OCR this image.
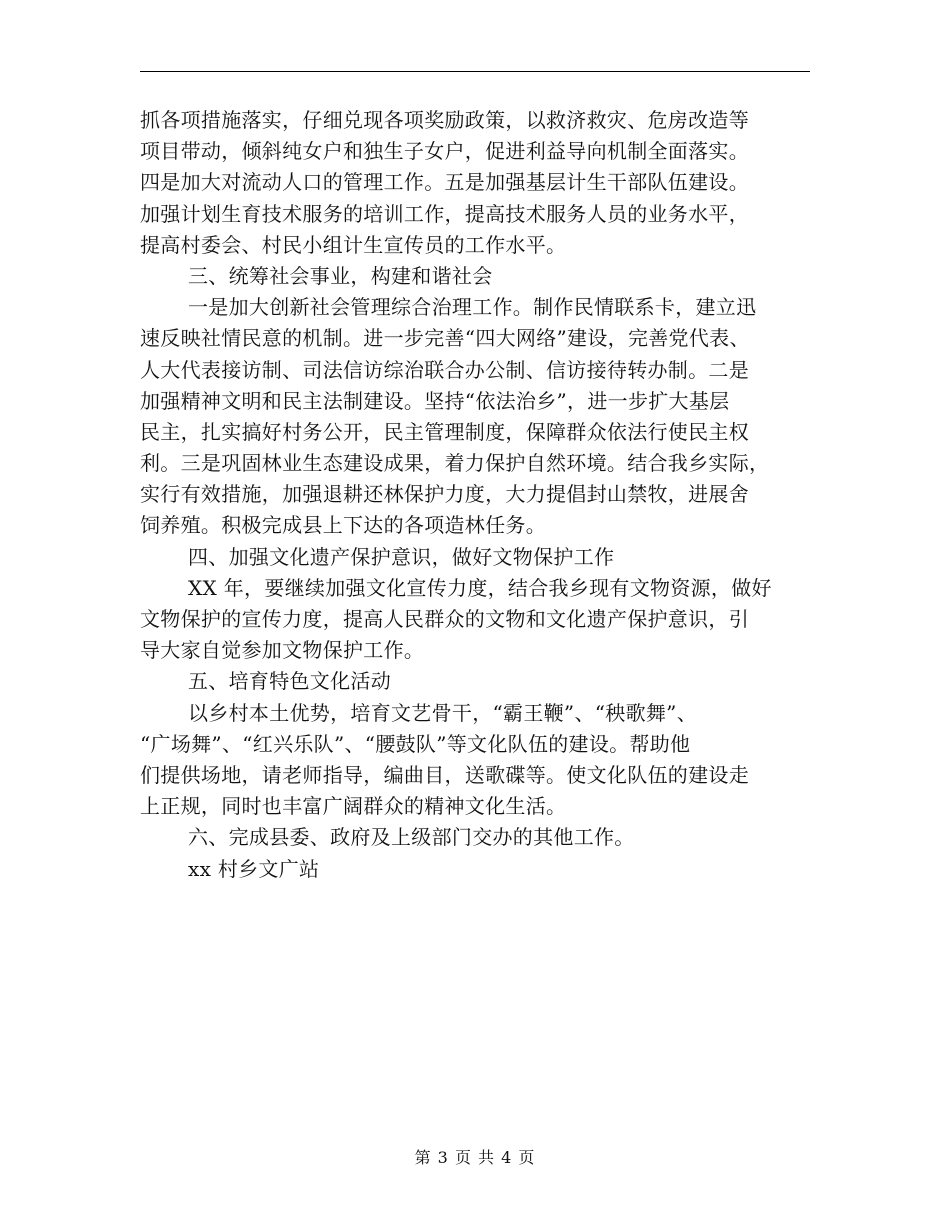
抓各项措施落实，仔细兑现各项奖励政策，以救济救灾、危房改造等
项目带动，倾斜纯女户和独生子女户，促进利益导向机制全面落实。
四是加大对流动人口的管理工作。五是加强基层计生干部队伍建设。
加强计划生育技术服务的培训工作，提高技术服务人员的业务水平，
提高村委会、村民小组计生宣传员的工作水平。
三、统筹社会事业，构建和谐社会
一是加大创新社会管理综合治理工作。制作民情联系卡，建立迅
速反映社情民意的机制。进一步完善“四大网络”建设，完善党代表、
人大代表接访制、司法信访综治联合办公制、信访接待转办制。二是
加强精神文明和民主法制建设。坚持“依法治乡”，进一步扩大基层
民主，扎实搞好村务公开，民主管理制度，保障群众依法行使民主权
利。三是巩固林业生态建设成果，着力保护自然环境。结合我乡实际，
实行有效措施，加强退耕还林保护力度，大力提倡封山禁牧，进展舍
饲养殖。积极完成县上下达的各项造林任务。
四、加强文化遗产保护意识，做好文物保护工作
XX 年，要继续加强文化宣传力度，结合我乡现有文物资源，做好
文物保护的宣传力度，提高人民群众的文物和文化遗产保护意识，引
导大家自觉参加文物保护工作。
五、培育特色文化活动
以乡村本土优势，培育文艺骨干，“霸王鞭”、“秧歌舞”、
“广场舞”、“红兴乐队”、“腰鼓队”等文化队伍的建设。帮助他
们提供场地，请老师指导，编曲目，送歌碟等。使文化队伍的建设走
上正规，同时也丰富广阔群众的精神文化生活。
六、完成县委、政府及上级部门交办的其他工作。
xx 村乡文广站
第 3 页 共 4 页
